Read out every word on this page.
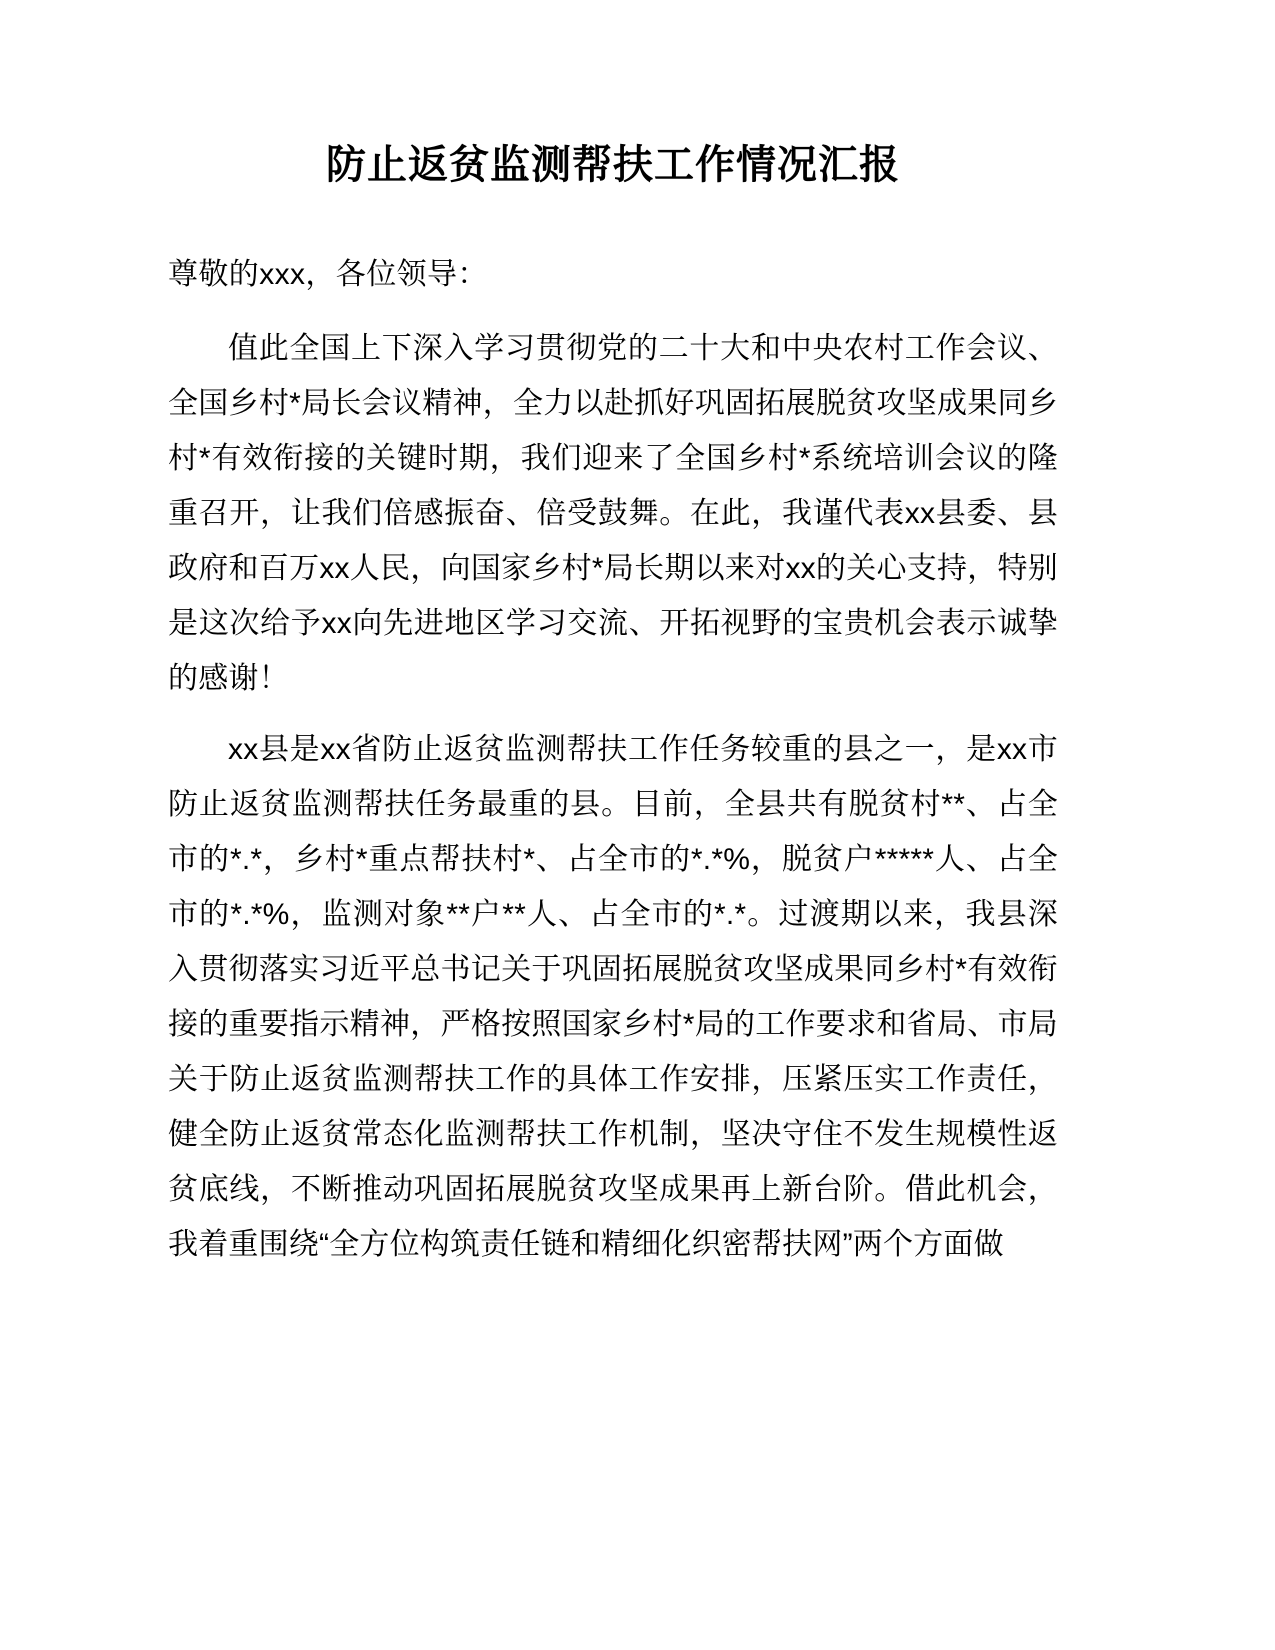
防止返贫监测帮扶工作情况汇报

尊敬的xxx，各位领导：

值此全国上下深入学习贯彻党的二十大和中央农村工作会议、全国乡村*局长会议精神，全力以赴抓好巩固拓展脱贫攻坚成果同乡村*有效衔接的关键时期，我们迎来了全国乡村*系统培训会议的隆重召开，让我们倍感振奋、倍受鼓舞。在此，我谨代表xx县委、县政府和百万xx人民，向国家乡村*局长期以来对xx的关心支持，特别是这次给予xx向先进地区学习交流、开拓视野的宝贵机会表示诚挚的感谢！

xx县是xx省防止返贫监测帮扶工作任务较重的县之一，是xx市防止返贫监测帮扶任务最重的县。目前，全县共有脱贫村**、占全市的*.*，乡村*重点帮扶村*、占全市的*.*%，脱贫户*****人、占全市的*.*%，监测对象**户**人、占全市的*.*。过渡期以来，我县深入贯彻落实习近平总书记关于巩固拓展脱贫攻坚成果同乡村*有效衔接的重要指示精神，严格按照国家乡村*局的工作要求和省局、市局关于防止返贫监测帮扶工作的具体工作安排，压紧压实工作责任，健全防止返贫常态化监测帮扶工作机制，坚决守住不发生规模性返贫底线，不断推动巩固拓展脱贫攻坚成果再上新台阶。借此机会，我着重围绕“全方位构筑责任链和精细化织密帮扶网”两个方面做
